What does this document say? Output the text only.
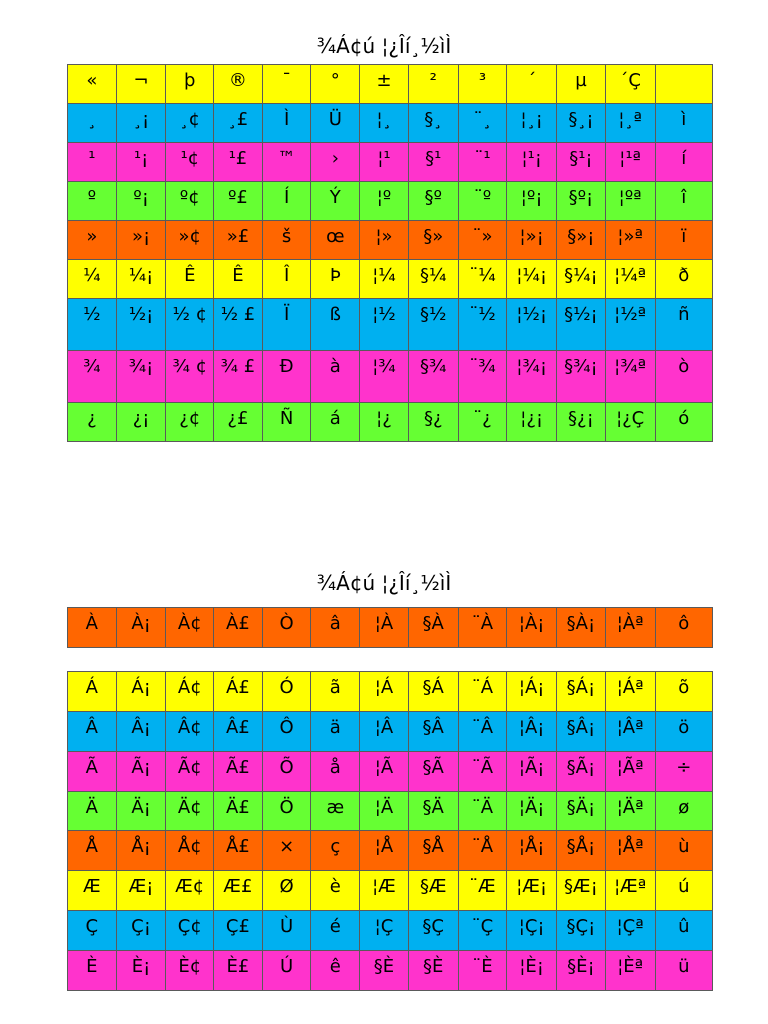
¾Á¢ú ¦¿Îí¸½ìÌ
«	¬	þ	®	¯	°	±	²	³	´	µ	´Ç	
¸	¸¡	¸¢	¸£	Ì	Ü	¦¸	§¸	¨¸	¦¸¡	§¸¡	¦¸ª	ì
¹	¹¡	¹¢	¹£	™	›	¦¹	§¹	¨¹	¦¹¡	§¹¡	¦¹ª	í
º	º¡	º¢	º£	Í	Ý	¦º	§º	¨º	¦º¡	§º¡	¦ºª	î
»	»¡	»¢	»£	š	œ	¦»	§»	¨»	¦»¡	§»¡	¦»ª	ï
¼	¼¡	Ê	Ê	Î	Þ	¦¼	§¼	¨¼	¦¼¡	§¼¡	¦¼ª	ð
½	½¡	½ ¢	½ £	Ï	ß	¦½	§½	¨½	¦½¡	§½¡	¦½ª	ñ
¾	¾¡	¾ ¢	¾ £	Ð	à	¦¾	§¾	¨¾	¦¾¡	§¾¡	¦¾ª	ò
¿	¿¡	¿¢	¿£	Ñ	á	¦¿	§¿	¨¿	¦¿¡	§¿¡	¦¿Ç	ó
¾Á¢ú ¦¿Îí¸½ìÌ
À	À¡	À¢	À£	Ò	â	¦À	§À	¨À	¦À¡	§À¡	¦Àª	ô
Á	Á¡	Á¢	Á£	Ó	ã	¦Á	§Á	¨Á	¦Á¡	§Á¡	¦Áª	õ
Â	Â¡	Â¢	Â£	Ô	ä	¦Â	§Â	¨Â	¦Â¡	§Â¡	¦Âª	ö
Ã	Ã¡	Ã¢	Ã£	Õ	å	¦Ã	§Ã	¨Ã	¦Ã¡	§Ã¡	¦Ãª	÷
Ä	Ä¡	Ä¢	Ä£	Ö	æ	¦Ä	§Ä	¨Ä	¦Ä¡	§Ä¡	¦Äª	ø
Å	Å¡	Å¢	Å£	×	ç	¦Å	§Å	¨Å	¦Å¡	§Å¡	¦Åª	ù
Æ	Æ¡	Æ¢	Æ£	Ø	è	¦Æ	§Æ	¨Æ	¦Æ¡	§Æ¡	¦Æª	ú
Ç	Ç¡	Ç¢	Ç£	Ù	é	¦Ç	§Ç	¨Ç	¦Ç¡	§Ç¡	¦Çª	û
È	È¡	È¢	È£	Ú	ê	§È	§È	¨È	¦È¡	§È¡	¦Èª	ü
